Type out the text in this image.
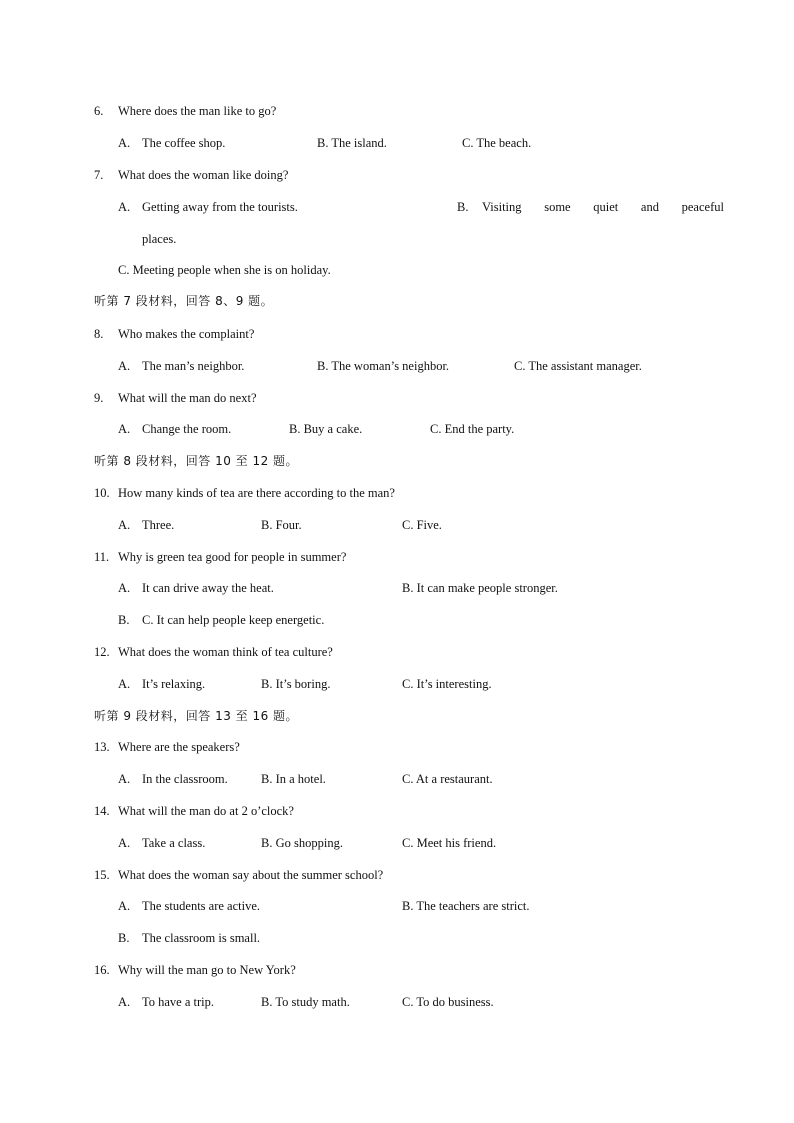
6. Where does the man like to go?
A. The coffee shop.	B. The island.	C. The beach.
7. What does the woman like doing?
A. Getting away from the tourists.	B. Visiting some quiet and peaceful
places.
C. Meeting people when she is on holiday.
听第 7 段材料，回答 8、9 题。
8. Who makes the complaint?
A. The man’s neighbor.	B. The woman’s neighbor.	C. The assistant manager.
9. What will the man do next?
A. Change the room.	B. Buy a cake.	C. End the party.
听第 8 段材料，回答 10 至 12 题。
10. How many kinds of tea are there according to the man?
A. Three.	B. Four.	C. Five.
11. Why is green tea good for people in summer?
A. It can drive away the heat.	B. It can make people stronger.
B. C. It can help people keep energetic.
12. What does the woman think of tea culture?
A. It’s relaxing.	B. It’s boring.	C. It’s interesting.
听第 9 段材料，回答 13 至 16 题。
13. Where are the speakers?
A. In the classroom.	B. In a hotel.	C. At a restaurant.
14. What will the man do at 2 o’clock?
A. Take a class.	B. Go shopping.	C. Meet his friend.
15. What does the woman say about the summer school?
A. The students are active.	B. The teachers are strict.
B. The classroom is small.
16. Why will the man go to New York?
A. To have a trip.	B. To study math.	C. To do business.
